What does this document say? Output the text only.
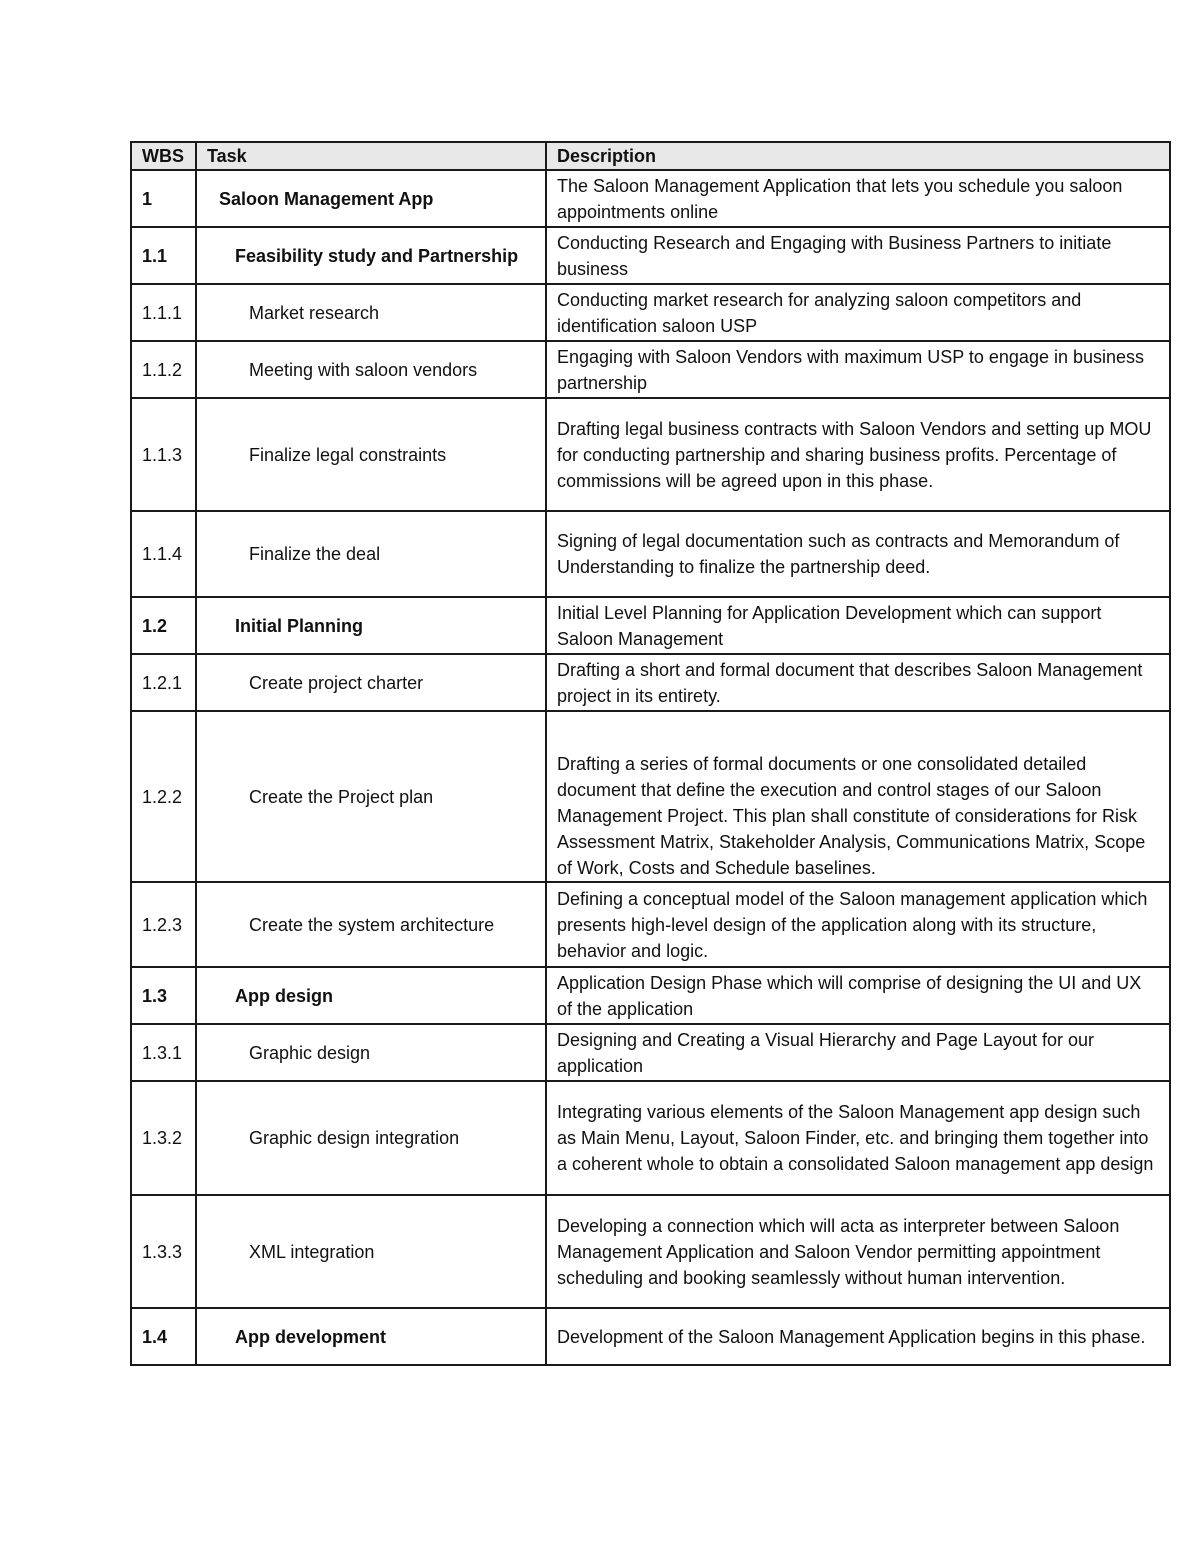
WBS	Task	Description
1	Saloon Management App	The Saloon Management Application that lets you schedule you saloon appointments online
1.1	Feasibility study and Partnership	Conducting Research and Engaging with Business Partners to initiate business
1.1.1	Market research	Conducting market research for analyzing saloon competitors and identification saloon USP
1.1.2	Meeting with saloon vendors	Engaging with Saloon Vendors with maximum USP to engage in business partnership
1.1.3	Finalize legal constraints	Drafting legal business contracts with Saloon Vendors and setting up MOU for conducting partnership and sharing business profits. Percentage of commissions will be agreed upon in this phase.
1.1.4	Finalize the deal	Signing of legal documentation such as contracts and Memorandum of Understanding to finalize the partnership deed.
1.2	Initial Planning	Initial Level Planning for Application Development which can support Saloon Management
1.2.1	Create project charter	Drafting a short and formal document that describes Saloon Management project in its entirety.
1.2.2	Create the Project plan	Drafting a series of formal documents or one consolidated detailed document that define the execution and control stages of our Saloon Management Project. This plan shall constitute of considerations for Risk Assessment Matrix, Stakeholder Analysis, Communications Matrix, Scope of Work, Costs and Schedule baselines.
1.2.3	Create the system architecture	Defining a conceptual model of the Saloon management application which presents high-level design of the application along with its structure, behavior and logic.
1.3	App design	Application Design Phase which will comprise of designing the UI and UX of the application
1.3.1	Graphic design	Designing and Creating a Visual Hierarchy and Page Layout for our application
1.3.2	Graphic design integration	Integrating various elements of the Saloon Management app design such as Main Menu, Layout, Saloon Finder, etc. and bringing them together into a coherent whole to obtain a consolidated Saloon management app design
1.3.3	XML integration	Developing a connection which will acta as interpreter between Saloon Management Application and Saloon Vendor permitting appointment scheduling and booking seamlessly without human intervention.
1.4	App development	Development of the Saloon Management Application begins in this phase.
